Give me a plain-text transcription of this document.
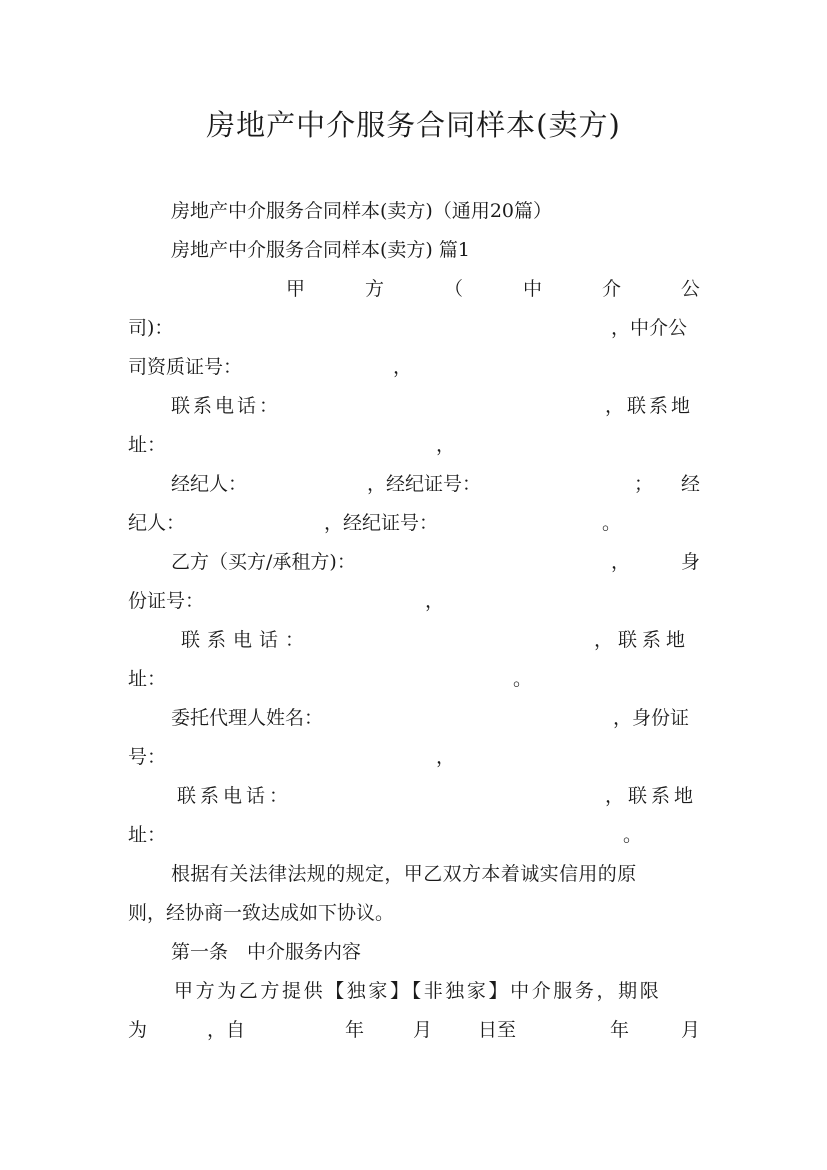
房地产中介服务合同样本(卖方)
房地产中介服务合同样本(卖方)（通用20篇）
房地产中介服务合同样本(卖方) 篇1
甲	方	（	中	介	公
司)：	，中介公
司资质证号：	，
联系电话：	，联系地
址：	，
经纪人：	，经纪证号：	； 经
纪人：	，经纪证号：	。
乙方（买方/承租方)：	，	身
份证号：	，
联系电话：	，联系地
址：	。
委托代理人姓名：	，身份证
号：	，
联系电话：	，联系地
址：	。
根据有关法律法规的规定，甲乙双方本着诚实信用的原
则，经协商一致达成如下协议。
第一条　中介服务内容
甲方为乙方提供【独家】【非独家】中介服务，期限
为	，自	年	月 日至	年	月
